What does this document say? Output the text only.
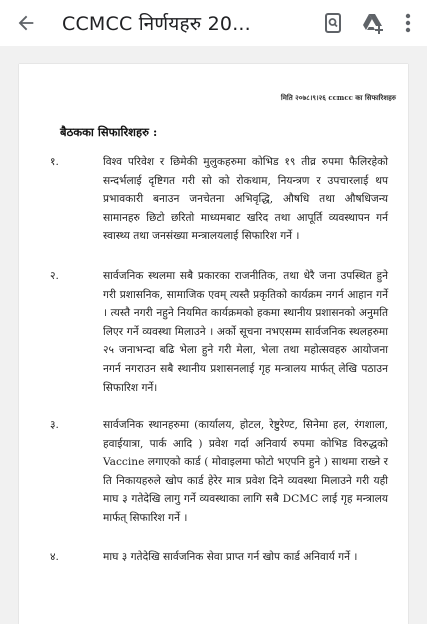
CCMCC निर्णयहरु 20...
मिति २०७८।९।२६ ccmcc का सिफारिशहरु
बैठकका सिफारिशहरु :
१.	विश्व परिवेश र छिमेकी मुलुकहरुमा कोभिड १९ तीव्र रुपमा फैलिरहेको सन्दर्भलाई दृष्टिगत गरी सो को रोकथाम, नियन्त्रण र उपचारलाई थप प्रभावकारी बनाउन जनचेतना अभिवृद्धि, औषधि तथा औषधिजन्य सामानहरु छिटो छरितो माध्यमबाट खरिद तथा आपूर्ति व्यवस्थापन गर्न स्वास्थ्य तथा जनसंख्या मन्त्रालयलाई सिफारिश गर्ने ।
२.	सार्वजनिक स्थलमा सबै प्रकारका राजनीतिक, तथा धेरै जना उपस्थित हुने गरी प्रशासनिक, सामाजिक एवम् त्यस्तै प्रकृतिको कार्यक्रम नगर्न आहान गर्ने । त्यस्तै नगरी नहुने नियमित कार्यक्रमको हकमा स्थानीय प्रशासनको अनुमति लिएर गर्ने व्यवस्था मिलाउने । अर्को सूचना नभएसम्म सार्वजनिक स्थलहरुमा २५ जनाभन्दा बढि भेला हुने गरी मेला, भेला तथा महोत्सवहरु आयोजना नगर्न नगराउन सबै स्थानीय प्रशासनलाई गृह मन्त्रालय मार्फत् लेखि पठाउन सिफारिश गर्ने।
३.	सार्वजनिक स्थानहरुमा (कार्यालय, होटल, रेष्टुरेण्ट, सिनेमा हल, रंगशाला, हवाईयात्रा, पार्क आदि ) प्रवेश गर्दा अनिवार्य रुपमा कोभिड विरुद्धको Vaccine लगाएको कार्ड ( मोवाइलमा फोटो भएपनि हुने ) साथमा राख्ने र ति निकायहरुले खोप कार्ड हेरेर मात्र प्रवेश दिने व्यवस्था मिलाउने गरी यही माघ ३ गतेदेखि लागु गर्ने व्यवस्थाका लागि सबै DCMC लाई गृह मन्त्रालय मार्फत् सिफारिश गर्ने ।
४.	माघ ३ गतेदेखि सार्वजनिक सेवा प्राप्त गर्न खोप कार्ड अनिवार्य गर्ने ।
